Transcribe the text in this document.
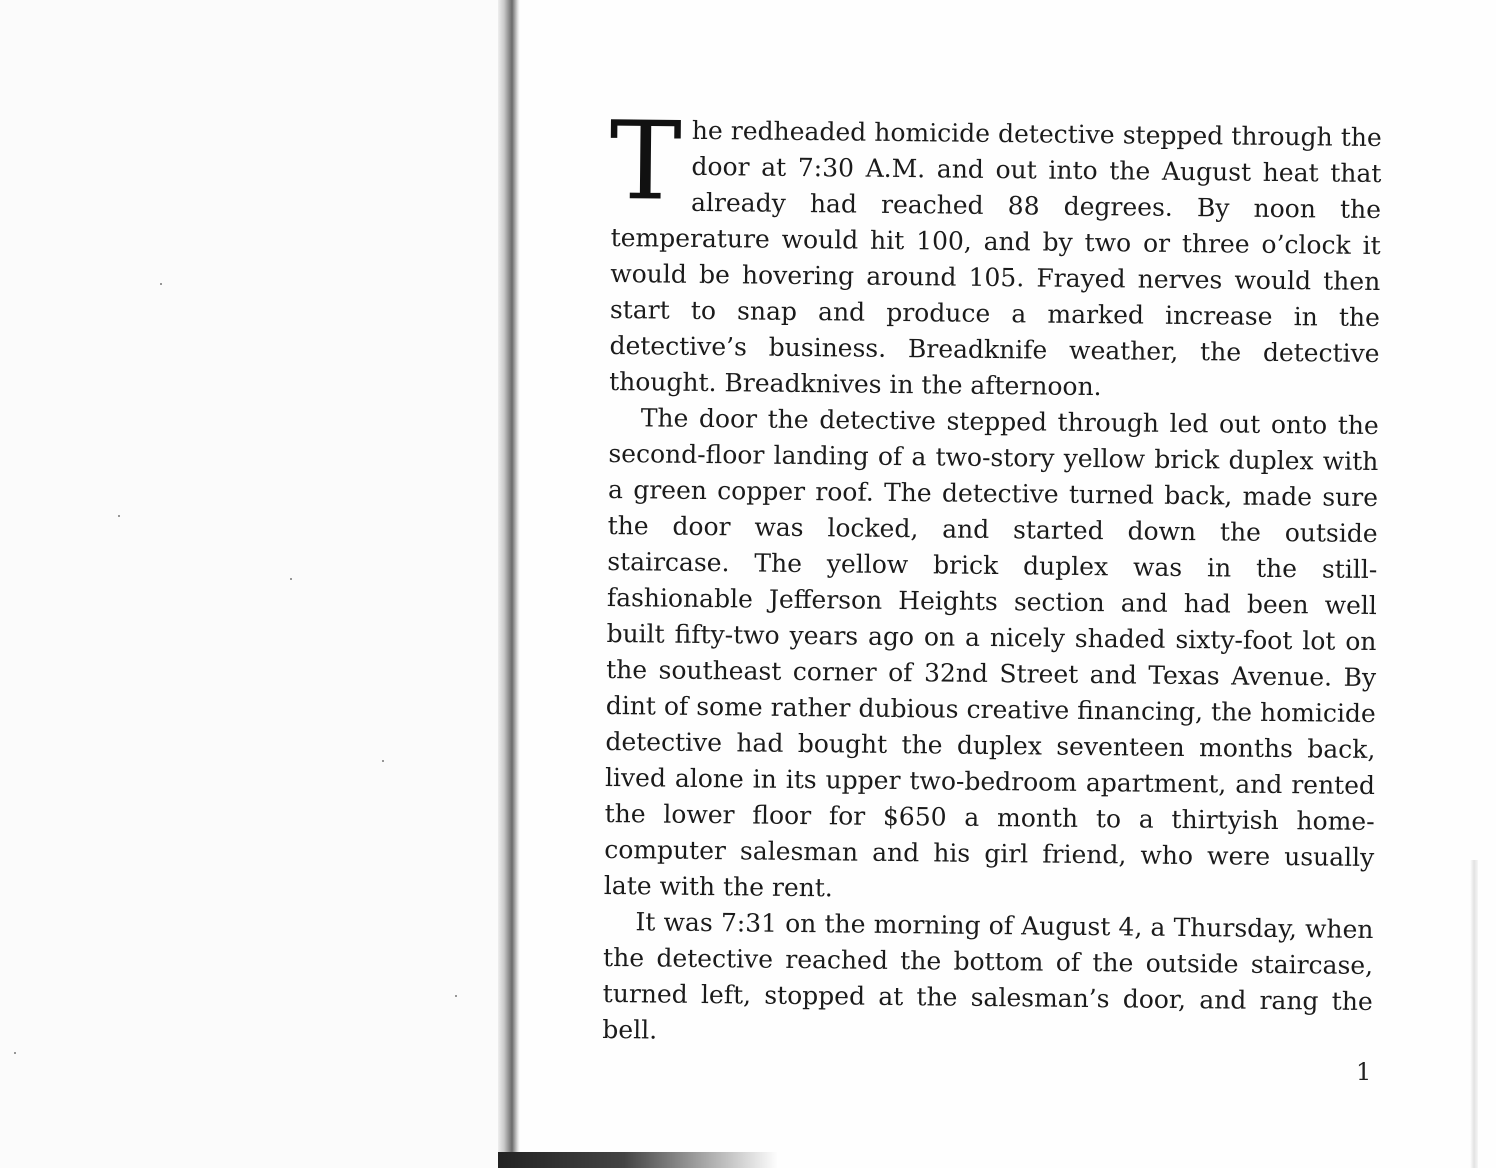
The redheaded homicide detective stepped through the door at 7:30 A.M. and out into the August heat that already had reached 88 degrees. By noon the temperature would hit 100, and by two or three o’clock it would be hovering around 105. Frayed nerves would then start to snap and produce a marked increase in the detective’s business. Breadknife weather, the detective thought. Breadknives in the afternoon.

The door the detective stepped through led out onto the second-floor landing of a two-story yellow brick duplex with a green copper roof. The detective turned back, made sure the door was locked, and started down the outside staircase. The yellow brick duplex was in the still-fashionable Jefferson Heights section and had been well built fifty-two years ago on a nicely shaded sixty-foot lot on the southeast corner of 32nd Street and Texas Avenue. By dint of some rather dubious creative financing, the homicide detective had bought the duplex seventeen months back, lived alone in its upper two-bedroom apartment, and rented the lower floor for $650 a month to a thirtyish home-computer salesman and his girl friend, who were usually late with the rent.

It was 7:31 on the morning of August 4, a Thursday, when the detective reached the bottom of the outside staircase, turned left, stopped at the salesman’s door, and rang the bell.

1
